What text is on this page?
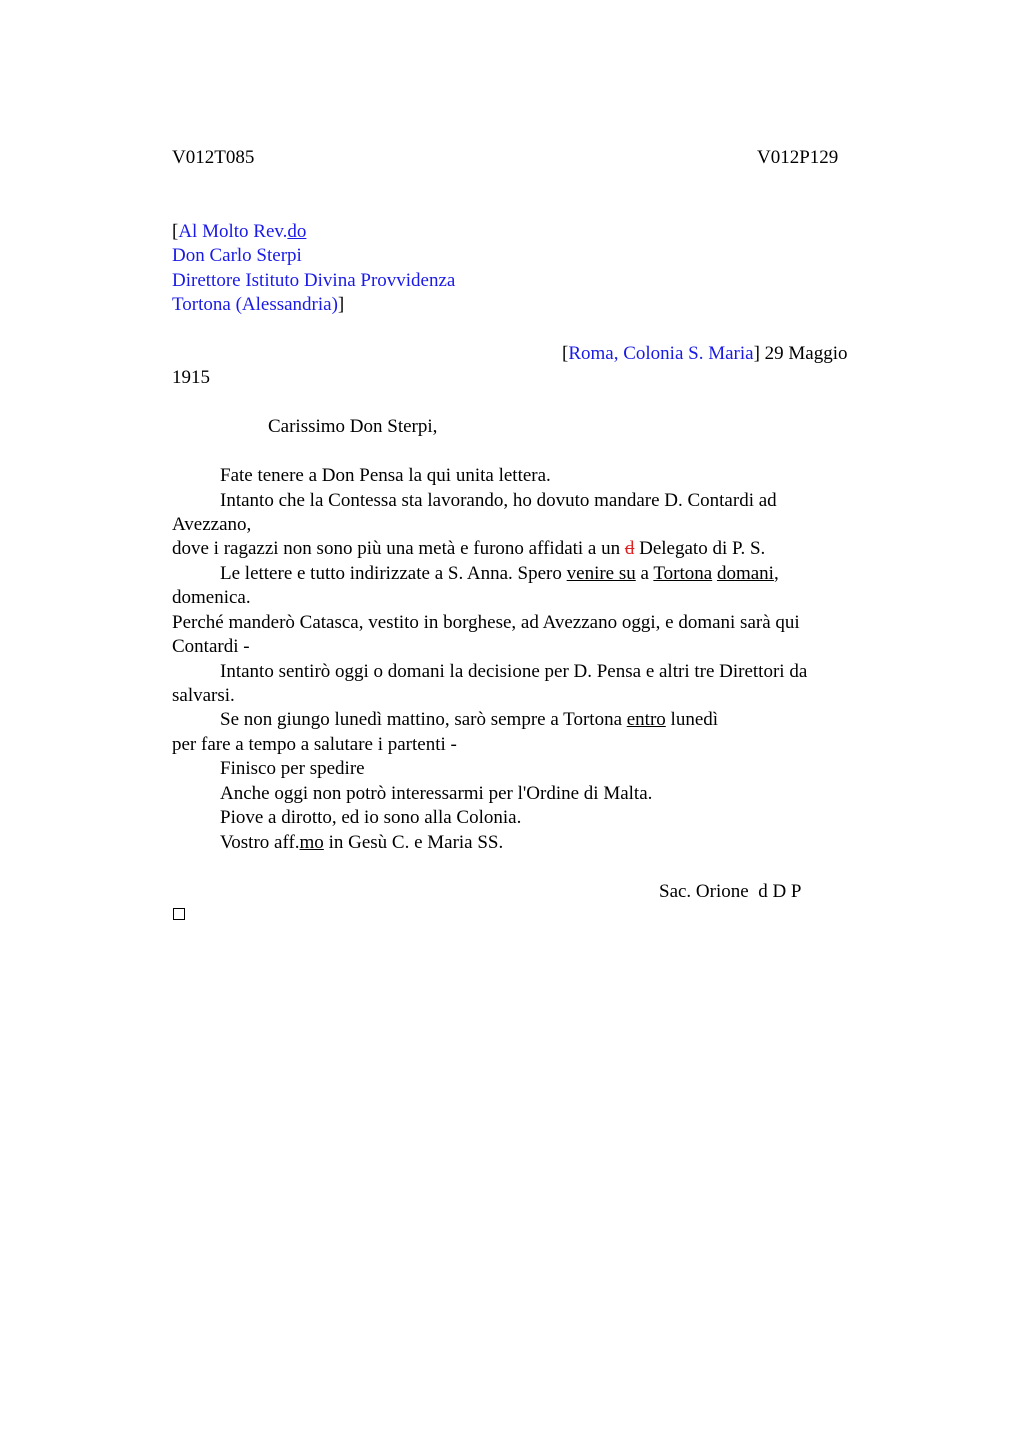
V012T085	V012P129
[Al Molto Rev.do
Don Carlo Sterpi
Direttore Istituto Divina Provvidenza
Tortona (Alessandria)]
[Roma, Colonia S. Maria] 29 Maggio
1915
Carissimo Don Sterpi,
Fate tenere a Don Pensa la qui unita lettera.
Intanto che la Contessa sta lavorando, ho dovuto mandare D. Contardi ad
Avezzano,
dove i ragazzi non sono più una metà e furono affidati a un d Delegato di P. S.
Le lettere e tutto indirizzate a S. Anna. Spero venire su a Tortona domani,
domenica.
Perché manderò Catasca, vestito in borghese, ad Avezzano oggi, e domani sarà qui
Contardi -
Intanto sentirò oggi o domani la decisione per D. Pensa e altri tre Direttori da
salvarsi.
Se non giungo lunedì mattino, sarò sempre a Tortona entro lunedì
per fare a tempo a salutare i partenti -
Finisco per spedire
Anche oggi non potrò interessarmi per l'Ordine di Malta.
Piove a dirotto, ed io sono alla Colonia.
Vostro aff.mo in Gesù C. e Maria SS.
Sac. Orione  d D P
